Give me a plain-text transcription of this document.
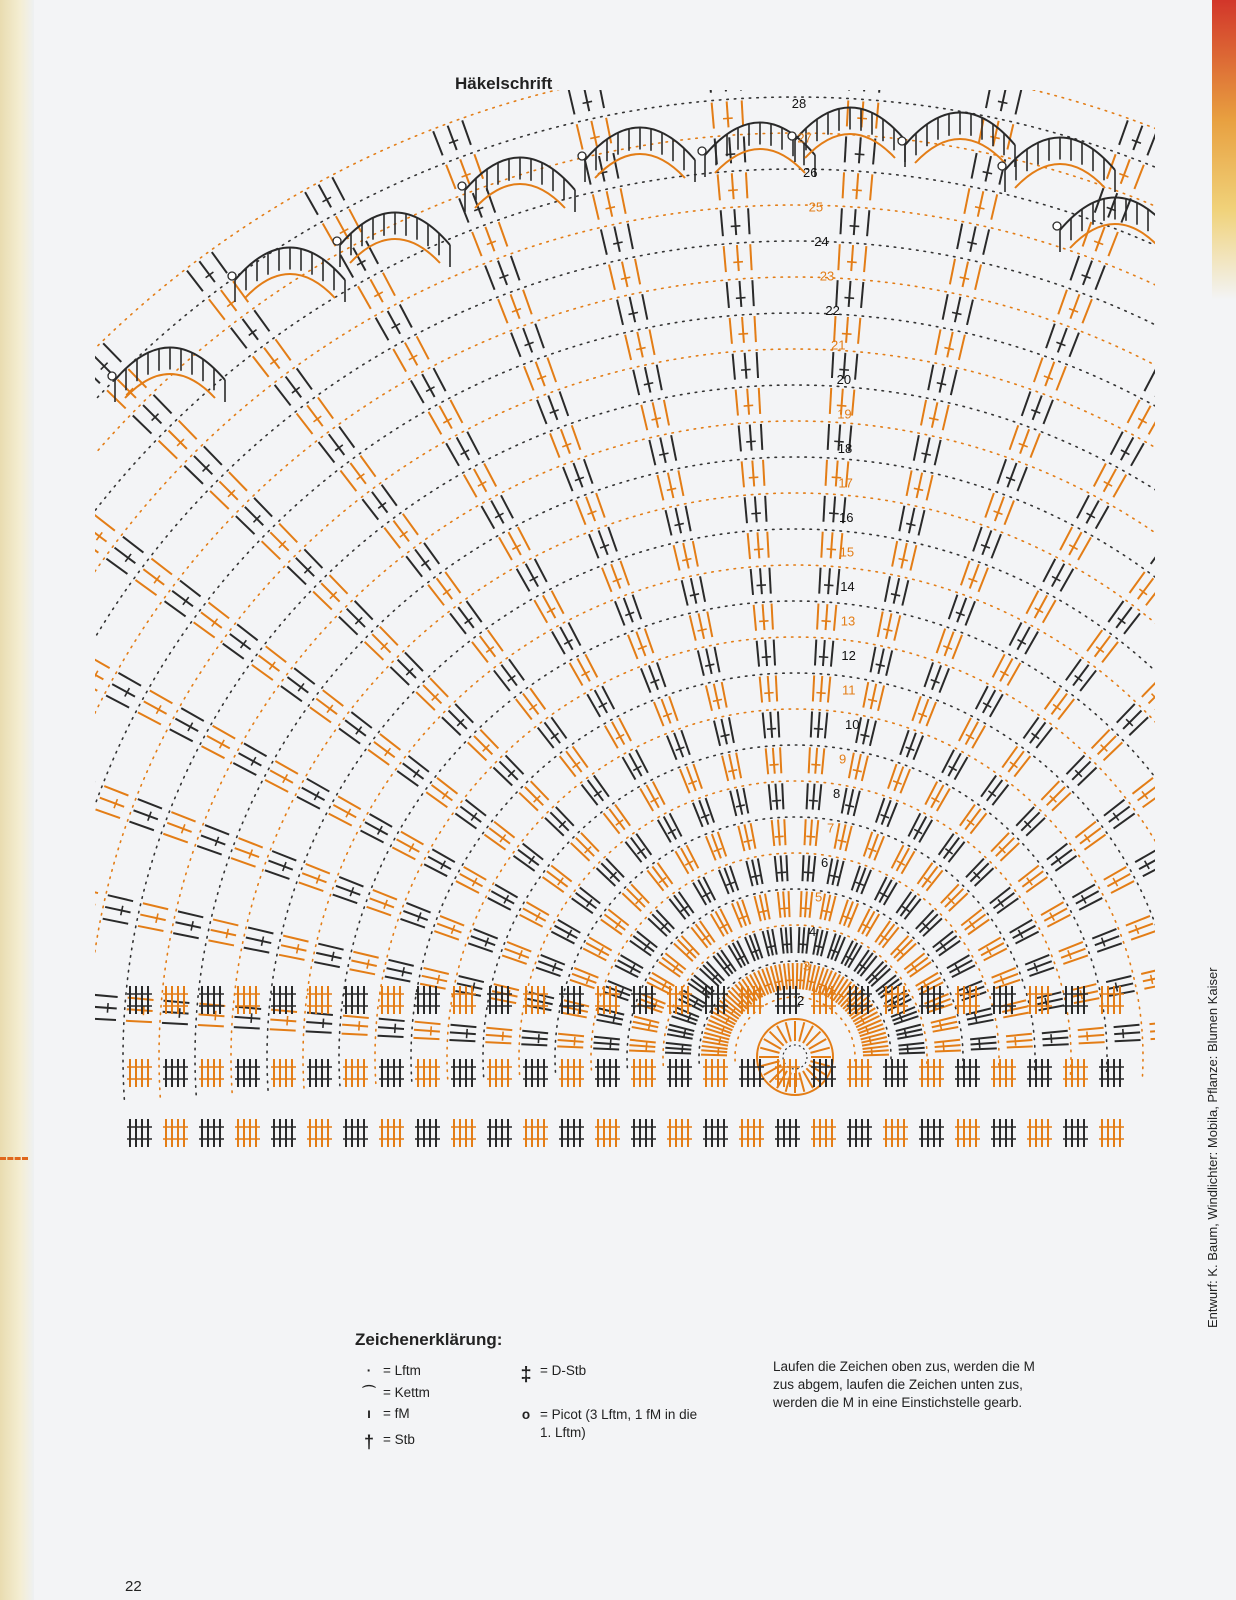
Häkelschrift
2
3
4
5
6
7
8
9
10
11
12
13
14
15
16
17
18
19
20
21
22
23
24
25
26
27
28
Entwurf: K. Baum, Windlichter: Mobila, Pflanze: Blumen Kaiser
Zeichenerklärung:
· = Lftm
⌒ = Kettm
ı = fM
† = Stb
‡ = D-Stb
o = Picot (3 Lftm, 1 fM in die
1. Lftm)
Laufen die Zeichen oben zus, werden die M zus abgem, laufen die Zeichen unten zus, werden die M in eine Einstichstelle gearb.
22
